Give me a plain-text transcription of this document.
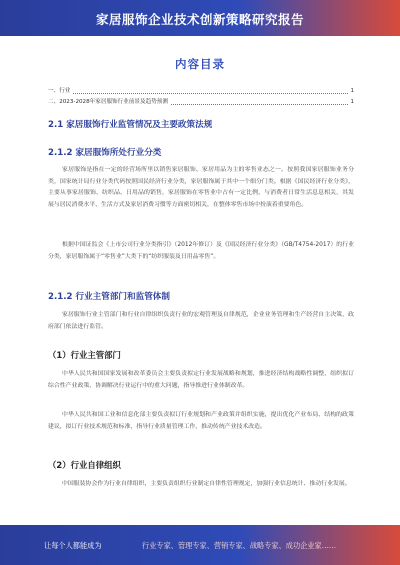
家居服饰企业技术创新策略研究报告
内容目录
一、行业	1
二、2023-2028年家居服饰行业前景及趋势预测	1
2.1 家居服饰行业监管情况及主要政策法规
2.1.2 家居服饰所处行业分类
家居服饰是指在一定的经营场所里以销售家居服饰、家居用品为主的零售业态之一。按照我国家居服饰业务分类，国家统计局行业分类代码按照国民经济行业分类，家居服饰属于其中一个细分门类。根据《国民经济行业分类》，主要从事家居服饰、纺织品、日用品的销售，家居服饰在零售业中占有一定比例，与消费者日常生活息息相关，其发展与居民消费水平、生活方式及家居消费习惯等方面密切相关，在整体零售市场中扮演着重要角色。
根据中国证监会《上市公司行业分类指引》（2012年修订）及《国民经济行业分类》（GB/T4754-2017）的行业分类，家居服饰属于“零售业”大类下的“纺织服装及日用品零售”。
2.1.2 行业主管部门和监管体制
家居服饰行业主管部门和行业自律组织负责行业的宏观管理及自律规范，企业业务管理和生产经营自主决策，政府部门依法进行监管。
（1）行业主管部门
中华人民共和国国家发展和改革委员会主要负责拟定行业发展战略和规划，推进经济结构战略性调整，组织拟订综合性产业政策，协调解决行业运行中的重大问题，指导推进行业体制改革。
中华人民共和国工业和信息化部主要负责拟订行业规划和产业政策并组织实施，提出优化产业布局、结构的政策建议，拟订行业技术规范和标准，指导行业质量管理工作，推动传统产业技术改造。
（2）行业自律组织
中国服装协会作为行业自律组织，主要负责组织行业制定自律性管理规定，加强行业信息统计、推动行业发展。
让每个人都能成为	行业专家、管理专家、营销专家、战略专家、成功企业家……
